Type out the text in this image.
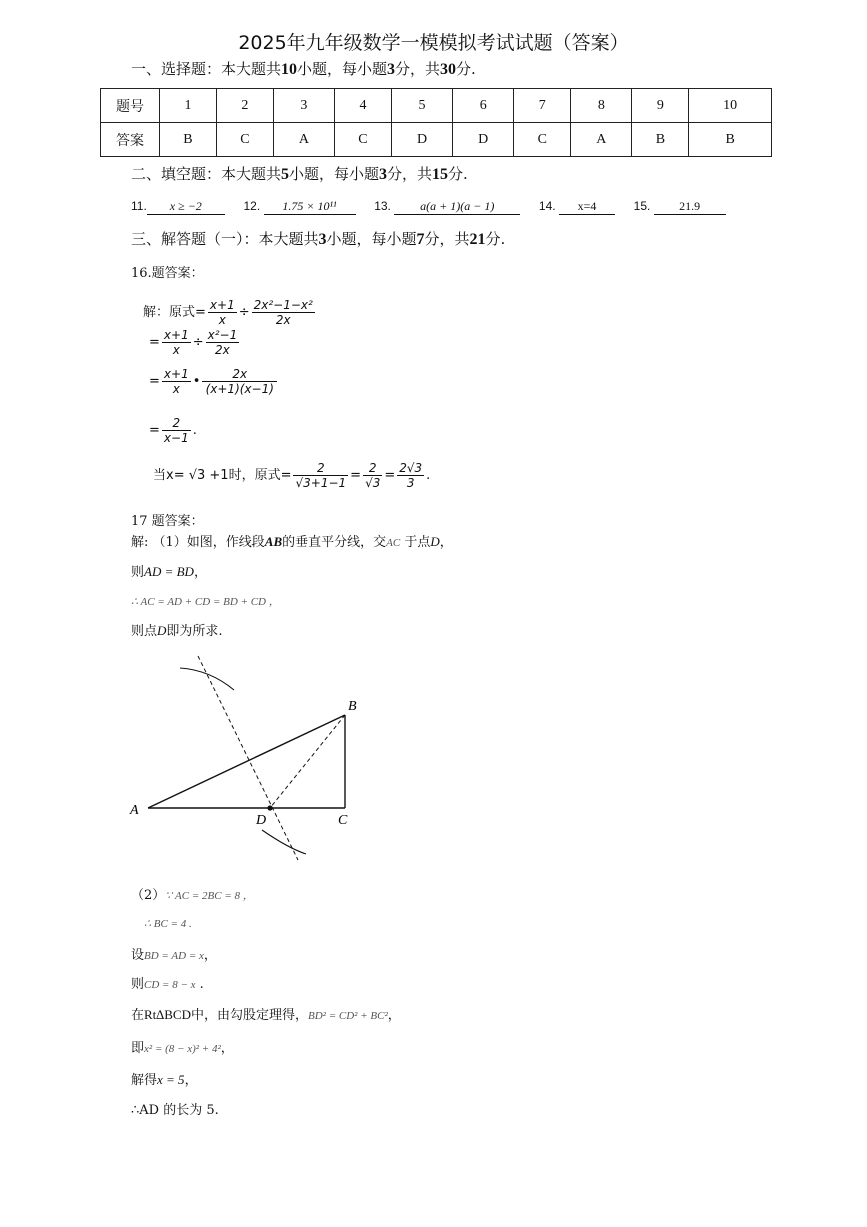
2025年九年级数学一模模拟考试试题（答案）
一、选择题：本大题共10小题，每小题3分，共30分.
题号	1	2	3	4	5	6	7	8	9	10
答案	B	C	A	C	D	D	C	A	B	B
二、填空题：本大题共5小题，每小题3分，共15分.
11. x ≥ −2	12. 1.75 × 10¹¹	13. a(a + 1)(a − 1)	14. x=4	15. 21.9
三、解答题（一）：本大题共3小题，每小题7分，共21分.
16.题答案：
解：原式= $\frac{x+1}{x} \div \frac{\text{2x²−1−x²}}{2x}$
= $\frac{x+1}{x} \div \frac{\text{x²−1}}{2x}$
= $\frac{x+1}{x}$ • $\frac{2x}{(x+1)(x-1)}$
= $\frac{2}{x-1}$ .
当x= √3 +1时，原式= $\frac{2}{√3+1-1} = \frac{2}{√3} = \frac{2√3}{3}$ .
17 题答案：
解: （1）如图，作线段AB的垂直平分线，交AC 于点D，
则AD = BD，
∴ AC = AD + CD = BD + CD ，
则点D即为所求.
A
B
C
D
（2）∵ AC = 2BC = 8 ，
∴ BC = 4 .
设BD = AD = x，
则CD = 8 − x .
在Rt∆BCD中，由勾股定理得，BD² = CD² + BC²，
即x² = (8 − x)² + 4²，
解得x = 5，
∴AD 的长为 5.
